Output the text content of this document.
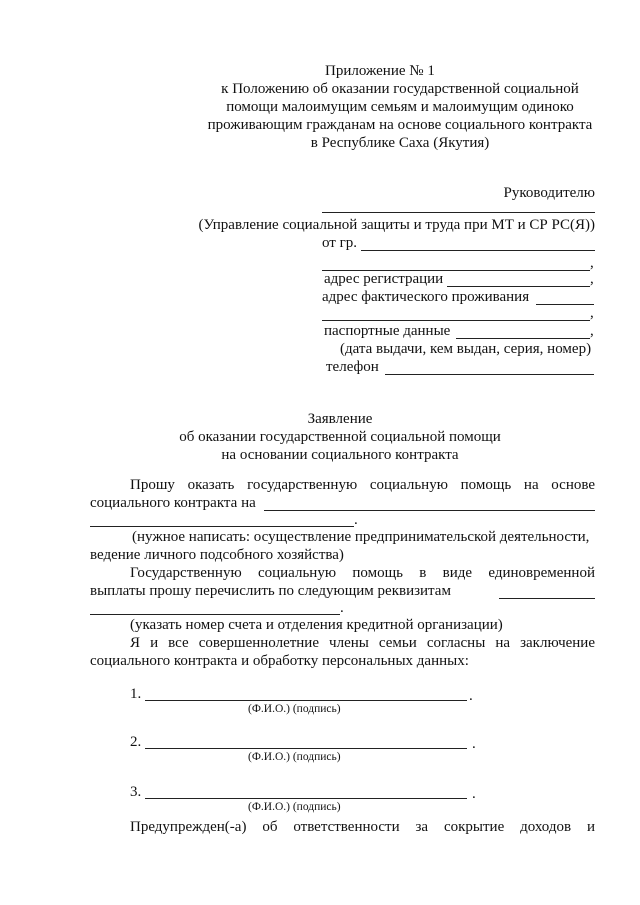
Приложение № 1
к Положению об оказании государственной социальной
помощи малоимущим семьям и малоимущим одиноко
проживающим гражданам на основе социального контракта
в Республике Саха (Якутия)
Руководителю
(Управление социальной защиты и труда при МТ и СР РС(Я))
от гр.
,
адрес регистрации	,
адрес фактического проживания
,
паспортные данные	,
(дата выдачи, кем выдан, серия, номер)
телефон
Заявление
об оказании государственной социальной помощи
на основании социального контракта
Прошу оказать государственную социальную помощь на основе
социального контракта на
.
(нужное написать: осуществление предпринимательской деятельности,
ведение личного подсобного хозяйства)
Государственную социальную помощь в виде единовременной
выплаты прошу перечислить по следующим реквизитам
.
(указать номер счета и отделения кредитной организации)
Я и все совершеннолетние члены семьи согласны на заключение
социального контракта и обработку персональных данных:
1.	.
(Ф.И.О.) (подпись)
2.	.
(Ф.И.О.) (подпись)
3.	.
(Ф.И.О.) (подпись)
Предупрежден(-а) об ответственности за сокрытие доходов и
